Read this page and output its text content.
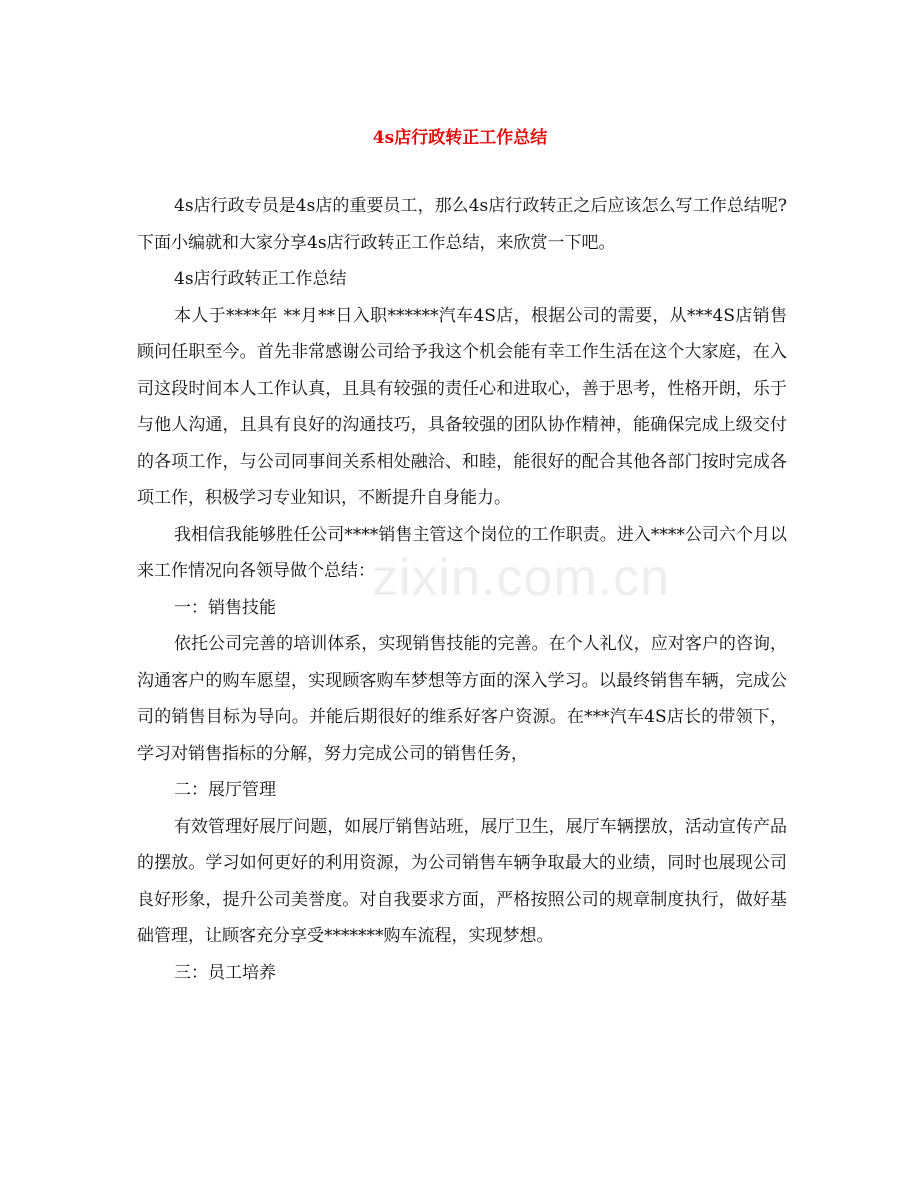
4s店行政转正工作总结

4s店行政专员是4s店的重要员工，那么4s店行政转正之后应该怎么写工作总结呢?下面小编就和大家分享4s店行政转正工作总结，来欣赏一下吧。

4s店行政转正工作总结

本人于****年 **月**日入职******汽车4S店，根据公司的需要，从***4S店销售顾问任职至今。首先非常感谢公司给予我这个机会能有幸工作生活在这个大家庭，在入司这段时间本人工作认真，且具有较强的责任心和进取心，善于思考，性格开朗，乐于与他人沟通，且具有良好的沟通技巧，具备较强的团队协作精神，能确保完成上级交付的各项工作，与公司同事间关系相处融洽、和睦，能很好的配合其他各部门按时完成各项工作，积极学习专业知识，不断提升自身能力。

我相信我能够胜任公司****销售主管这个岗位的工作职责。进入****公司六个月以来工作情况向各领导做个总结：

一：销售技能

依托公司完善的培训体系，实现销售技能的完善。在个人礼仪，应对客户的咨询，沟通客户的购车愿望，实现顾客购车梦想等方面的深入学习。以最终销售车辆，完成公司的销售目标为导向。并能后期很好的维系好客户资源。在***汽车4S店长的带领下，学习对销售指标的分解，努力完成公司的销售任务，

二：展厅管理

有效管理好展厅问题，如展厅销售站班，展厅卫生，展厅车辆摆放，活动宣传产品的摆放。学习如何更好的利用资源，为公司销售车辆争取最大的业绩，同时也展现公司良好形象，提升公司美誉度。对自我要求方面，严格按照公司的规章制度执行，做好基础管理，让顾客充分享受*******购车流程，实现梦想。

三：员工培养

zixin.com.cn
